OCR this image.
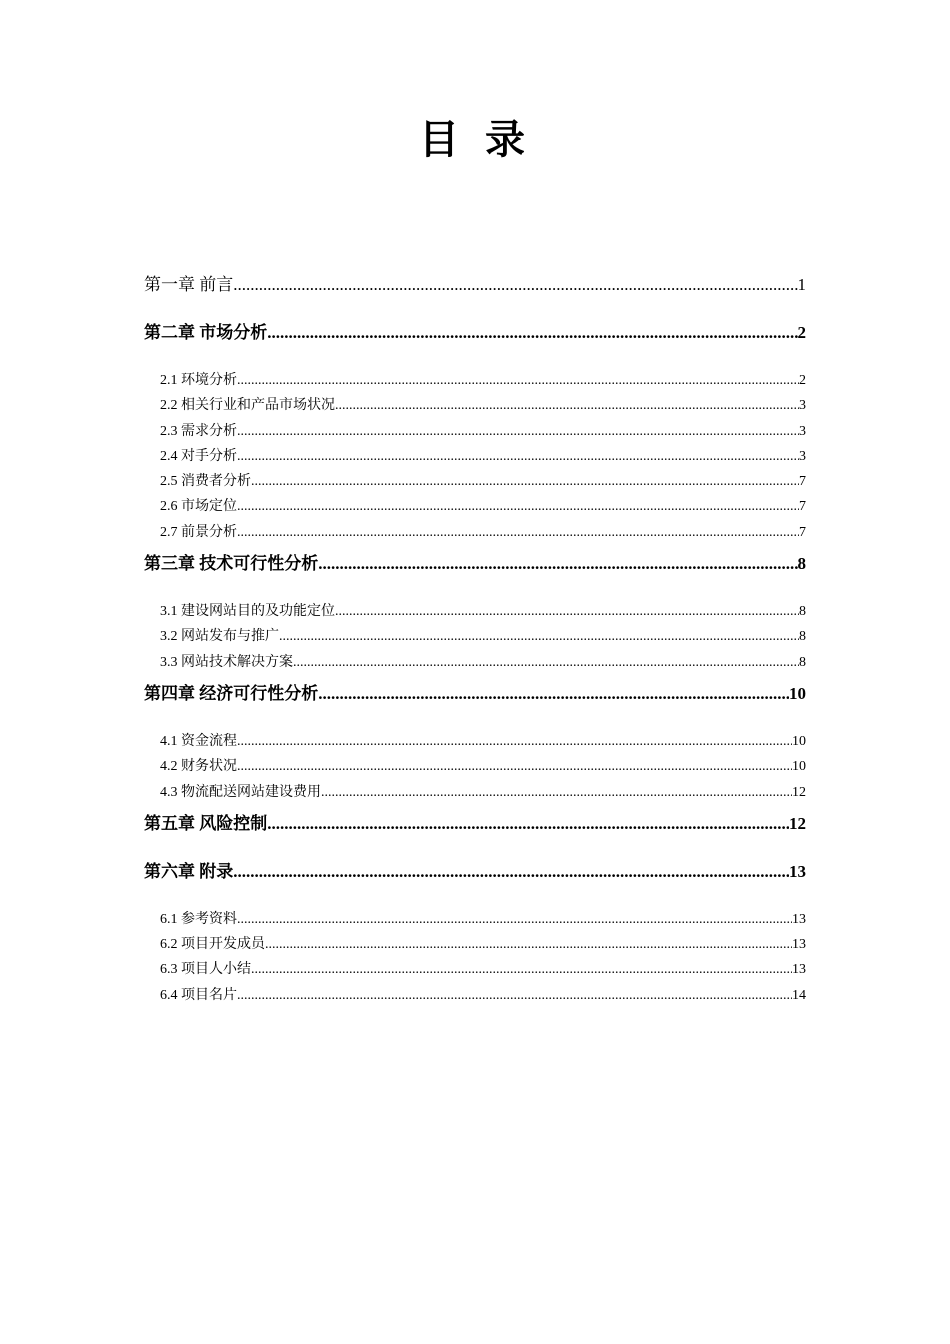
目 录
第一章 前言 .....	1
第二章 市场分析 .....	2
2.1 环境分析 .....	2
2.2 相关行业和产品市场状况 .....	3
2.3 需求分析 .....	3
2.4 对手分析 .....	3
2.5 消费者分析 .....	7
2.6 市场定位 .....	7
2.7 前景分析 .....	7
第三章 技术可行性分析 .....	8
3.1 建设网站目的及功能定位 .....	8
3.2 网站发布与推广 .....	8
3.3 网站技术解决方案 .....	8
第四章 经济可行性分析 .....	10
4.1 资金流程 .....	10
4.2 财务状况 .....	10
4.3 物流配送网站建设费用 .....	12
第五章 风险控制 .....	12
第六章 附录 .....	13
6.1 参考资料 .....	13
6.2 项目开发成员 .....	13
6.3 项目人小结 .....	13
6.4 项目名片 .....	14
